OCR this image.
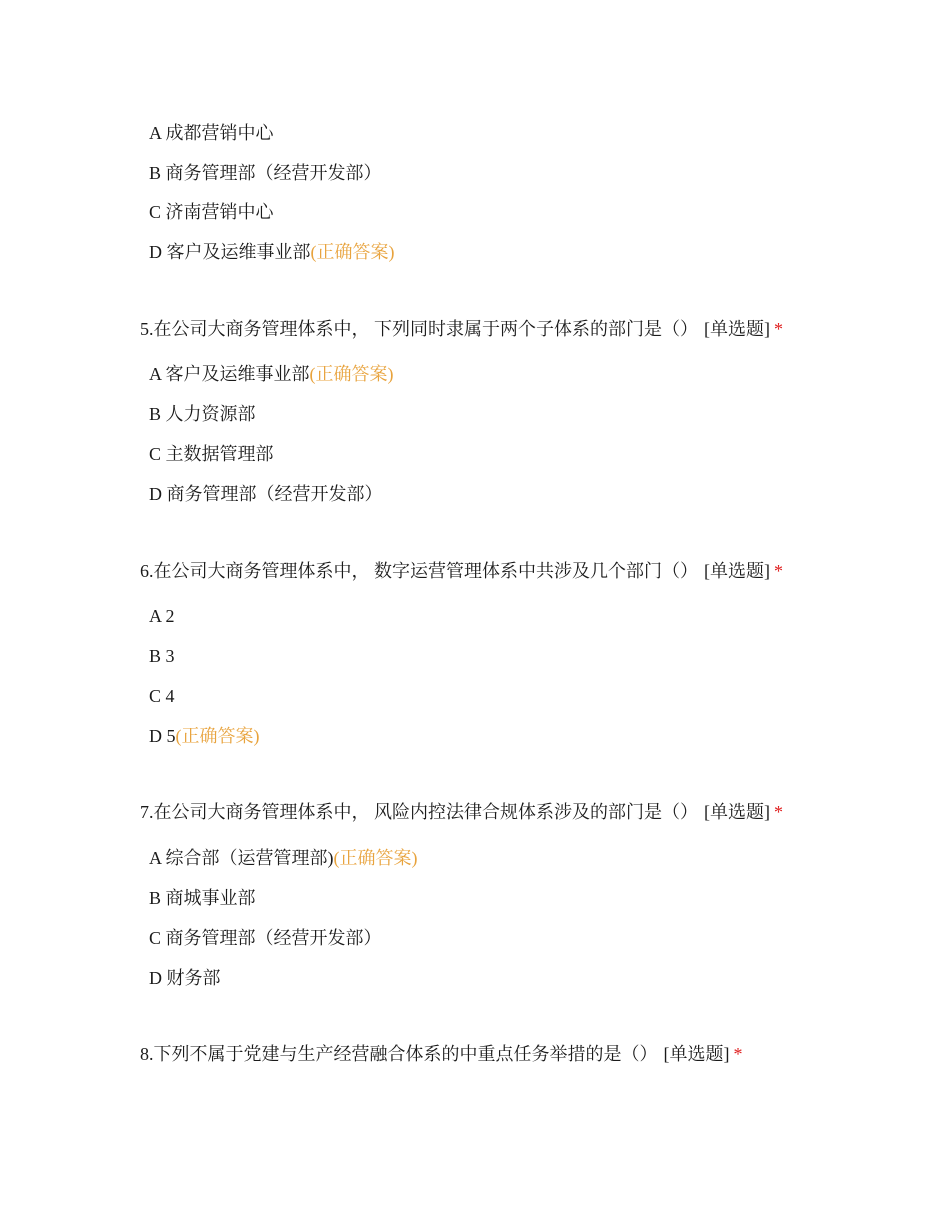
A 成都营销中心
B 商务管理部（经营开发部）
C 济南营销中心
D 客户及运维事业部(正确答案)
5.在公司大商务管理体系中， 下列同时隶属于两个子体系的部门是（） [单选题] *
A 客户及运维事业部(正确答案)
B 人力资源部
C 主数据管理部
D 商务管理部（经营开发部）
6.在公司大商务管理体系中， 数字运营管理体系中共涉及几个部门（） [单选题] *
A 2
B 3
C 4
D 5(正确答案)
7.在公司大商务管理体系中， 风险内控法律合规体系涉及的部门是（） [单选题] *
A 综合部（运营管理部)(正确答案)
B 商城事业部
C 商务管理部（经营开发部）
D 财务部
8.下列不属于党建与生产经营融合体系的中重点任务举措的是（） [单选题] *
